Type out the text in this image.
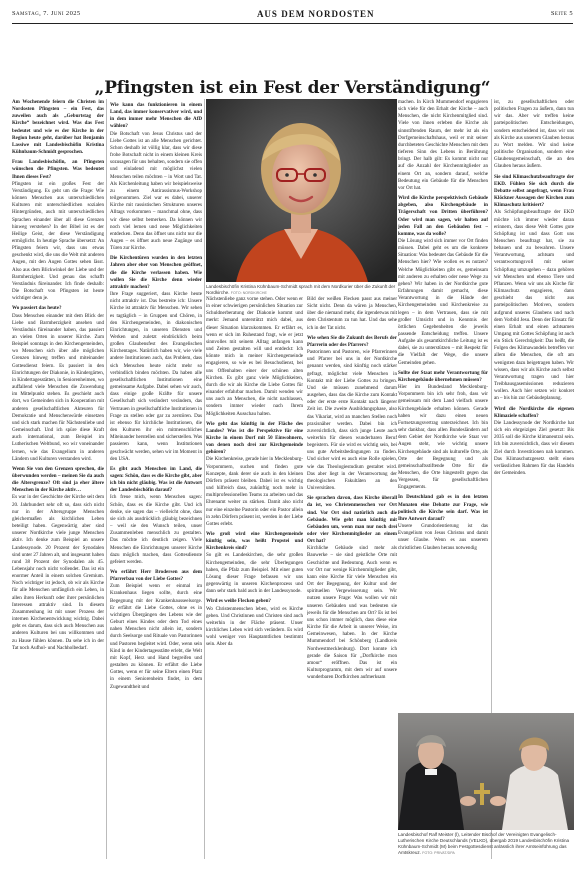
Samstag, 7. Juni 2025	AUS DEM NORDOSTEN	Seite 5
„Pfingsten ist ein Fest der Verständigung“

Am Wochenende feiern die Christen im Nordosten Pfingsten – ein Fest, das zuweilen auch als „Geburtstag der Kirche“ bezeichnet wird. Was das Fest bedeutet und wie es der Kirche in der Region heute geht, darüber hat Benjamin Lassiwe mit Landesbischöfin Kristina Kühnbaum-Schmidt gesprochen.

Frau Landesbischöfin, an Pfingsten wünschen die Pfingsten. Was bedeutet Ihnen dieses Fest?

Pfingsten ist ein großes Fest der Verständigung. Es geht um die Frage: Wie können Menschen aus unterschiedlichen Kulturen mit unterschiedlichen sozialen Hintergründen, auch mit unterschiedlichen Sprachen einander über all diese Grenzen hinweg verstehen? In der Bibel ist es der Heilige Geist, der diese Verständigung ermöglicht. In heutige Sprache übersetzt: An Pfingsten feiern wir, dass uns etwas geschenkt wird, die uns die Welt mit anderen Augen, mit den Augen Gottes sehen lässt. Also aus dem Blickwinkel der Liebe und der Barmherzigkeit. Und genau das schafft Verständnis füreinander. Ich finde deshalb: Die Botschaft von Pfingsten ist heute wichtiger denn je.

Wo passiert das heute?

Dass Menschen einander mit dem Blick der Liebe und Barmherzigkeit ansehen und Verständnis füreinander haben, das passiert an vielen Orten in unserer Kirche. Zum Beispiel sonntags in den Kirchengemeinden, wo Menschen sich über alle möglichen Grenzen hinweg treffen und miteinander Gottesdienst feiern. Es passiert in den Einrichtungen der Diakonie, in Kindergärten, in Kindertagesstätten, in Seniorenheimen, wo auffallend viele Menschen die Zuwendung im Mittelpunkt stehen. Es geschieht auch dort, wo Gemeinden sich in Kooperation mit anderen gesellschaftlichen Akteuren für Demokratie und Menschenwürde einsetzen und sich stark machen für Nächstenliebe und Gemeinschaft. Und ich spüre diese Kraft auch international, zum Beispiel im Lutherischen Weltbund, wo wir voneinander lernen, wie das Evangelium in anderen Ländern und Kulturen verstanden wird.

Wenn Sie von den Grenzen sprechen, die überwunden werden – meinen Sie da auch die Altersgrenze? Oft sind ja eher ältere Menschen in der Kirche aktiv…

Es war in der Geschichte der Kirche seit dem 20. Jahrhundert sehr oft so, dass sich nicht nur in der Altersgruppe Menschen gleichermaßen als kirchlichen Leben beteiligt haben. Gegenwärtig aber sind unserer Nordkirche viele junge Menschen aktiv. Ich denke zum Beispiel an unsere Landessynode. 20 Prozent der Synodalen sind unter 27 Jahren alt, und insgesamt haben rund 38 Prozent der Synodalen als 45. Lebensjahr noch nicht vollendet. Das ist ein enormer Anteil in einem solchen Gremium. Noch wichtiger ist jedoch, ob wir als Kirche für alle Menschen umfänglich ein Leben, in allen ihren Herkunft oder ihrer persönlichen Interessen attraktiv sind. In diesem Zusammenhang ist mit unser Prozess der internen Kirchenentwicklung wichtig. Dabei geht es darum, dass sich auch Menschen aus anderen Kulturen bei uns willkommen und zu Hause fühlen können. Da sehe ich in der Tat noch Aufhol- und Nachholbedarf.

Wie kann das funktionieren in einem Land, das immer konservativer wird, und in dem immer mehr Menschen die AfD wählen?

Die Botschaft von Jesus Christus und der Liebe Gottes ist an alle Menschen gerichtet. Schon deshalb ist völlig klar, dass wir diese frohe Botschaft nicht in einem kleinen Kreis sozusagen für uns behalten, sondern sie offen und einladend mit möglichst vielen Menschen teilen möchten – in Wort und Tat. Als Kirchenleitung haben wir beispielsweise zu einem Antirassismus-Workshop teilgenommen. Ziel war es dabei, unserer Kirche mit rassistischen Strukturen unseres Alltags vorkommen – manchmal ohne, dass wir diese selbst bemerken. Da können wir noch viel lernen und neue Möglichkeiten entdecken. Denn das öffnet uns nicht nur die Augen – es öffnet auch neue Zugänge und Türen zur Kirche.

Die Kirchentüren wurden in den letzten Jahren aber eher von Menschen geöffnet, die die Kirche verlassen haben. Wie wollen Sie die Kirche denn wieder attraktiv machen?

Ihre Frage suggeriert, dass Kirche heute nicht attraktiv ist. Das bestreite ich: Unsere Kirche ist attraktiv für Menschen. Wir sehen es tagtäglich – in Gruppen und Chören, in den Kirchengemeinden, in diakonischen Einrichtungen, in unseren Diensten und Werken und zuletzt eindrücklich beim großen Glaubensfest des Evangelischen Kirchentages. Natürlich haben wir, wie viele andere Institutionen auch, das Problem, dass sich Menschen heute nicht mehr so verbindlich binden möchten. Da haben alle gesellschaftlichen Institutionen eine gemeinsame Aufgabe. Dabei sehen wir auch, dass einige große Kräfte für unsere Gesellschaft sich verändert verändern, das Vertrauen in gesellschaftliche Institutionen in Frage zu stellen oder gar zu zerstören. Das ist ebenso für kirchliche Institutionen, die den Kulturen ihr ein mitmenschliches Miteinander herstellen und sicherstellen. Was passieren kann, wenn Institutionen geschwächt werden, sehen wir im Moment in den USA.

Es gibt auch Menschen im Land, die sagen: Schön, dass es die Kirche gibt, aber ich bin nicht gläubig. Was ist die Antwort der Landesbischöfin darauf?

Ich freue mich, wenn Menschen sagen: Schön, dass es die Kirche gibt. Und ich denke, sie sagen das – vielleicht ohne, dass sie sich als ausdrücklich gläubig bezeichnen – weil sie den Wunsch teilen, unser Zusammenleben menschlich zu gestalten. Das möchte ich deutlich zeigen. Viele Menschen die Einrichtungen unserer Kirche dazu möglich machen, dass Gottesdienste gefeiert werden.

Wo erfährt Herr Brodersen aus dem Pfarrerbau von der Liebe Gottes?

Zum Beispiel wenn er einmal im Krankenhaus liegen sollte, durch eine Begegnung mit der Krankenhausseelsorge. Er erfährt die Liebe Gottes, ohne es in wichtigen Übergängen des Lebens wie der Geburt eines Kindes oder dem Tod eines nahen Menschen nicht allein ist, sondern durch Seelsorge und Rituale von Pastorinnen und Pastoren begleitet wird. Oder, wenn sein Kind in der Kindertagesstätte erlebt, die Welt mit Kopf, Herz und Hand begreifen und gestalten zu können. Er erfährt die Liebe Gottes, wenn er für seine Eltern einen Platz in einem Seniorenheim findet, in dem Zugewandtheit und

Nächstenliebe ganz vorne stehen. Oder wenn er in einer schwierigen persönlichen Situation zur Schuldnerberatung der Diakonie kommt und merkt: Jemand unterstützt mich dabei, aus dieser Situation klarzukommen. Er erfährt es, wenn er sich im Ruhestand fragt, wie er jetzt sinnvolles mit seinem Alltag anfangen kann und Zeiten gestalten will und entdeckt: Ich könnte mich in meiner Kirchengemeinde engagieren, so wie es bei Besuchsdienst, bei uns Offenhalten einer der schönen alten Kirchen. Es gibt ganz viele Möglichkeiten, durch die wir als Kirche die Liebe Gottes für einander erfahrbar machen. Damit wenden wir uns auch an Menschen, die nicht nachlassen, sondern immer wieder nach Ihrem Möglichkeiten Ausschau halten.

Wie geht das künftig in der Fläche des Landes? Was ist die Perspektive für eine Kirche in einem Dorf mit 50 Einwohnern, von denen noch drei zur Kirchgemeinde gehören?

Die Kirchenkreise, gerade hier in Mecklenburg-Vorpommern, suchen und finden gute Konzepte, dank derer sie auch in den kleinen Dörfern präsent bleiben. Dabei ist es wichtig und hilfreich dass, zukünftig noch mehr in multiprofessionellen Teams zu arbeiten und das Ehrenamt weiter zu stärken. Damit also nicht nur eine einzelne Pastorin oder ein Pastor allein in zehn Dörfern präsent ist, werden in der Liebe Gottes erlebt.

Wie groß wird eine Kirchengemeinde künftig sein, was heißt Propstei und Kirchenkreis sind?

So gilt es Landeskirchen, die sehr großen Kirchengemeinden, die sehr Überlegungen haben, die Pfalz zum Beispiel. Mit einer guten Lösung dieser Frage befassen wir uns gegenwärtig in unseren Kirchenprozess und dann sehr stark bald auch in der Landessynode.

Wird es weiße Flecken geben?

Wo Christenmenschen leben, wird es Kirche geben. Und Christinnen und Christen sind auch weiterhin in der Fläche präsent. Unser kirchliches Leben wird sich verändern. Es wird wohl weniger von Hauptamtlichen bestimmt sein. Aber da

Bild der weißen Flecken passt aus meiner Sicht nicht. Denn da wären ja Menschen, über die niemand mehr, die irgendetwas mit dem Christentum zu tun hat. Und das sehe ich in der Tat nicht.

Wie sehen Sie die Zukunft des Berufs der Pfarrerin oder des Pfarrers?

Pastorinnen und Pastoren, wie Pfarrerinnen und Pfarrer bei uns in der Nordkirche genannt werden, sind künftig noch stärker gefragt, möglichst viele Menschen in Kontakt mit der Liebe Gottes zu bringen. Und sie müssen zunehmend darum ausgehen, dass das die Kirche zum Kontakt oder der erste erste Kontakt nach längerer Zeit ist. Die zweite Ausbildungsphase, also das Vikariat, wird an manchen Stellen noch praxisnäher werden. Dabei bin ich zuversichtlich, dass sich junge Leute auch weiterhin für diesen wunderbaren Beruf begeistern. Für sie wird es wichtig sein, bei uns gute Arbeitsbedingungen zu finden. Und sicher wird es auch eine Rolle spielen, wie das Theologiestudium gestaltet wird. Das aber liegt in der Verantwortung der theologischen Fakultäten an den Universitäten.

Sie sprachen davon, dass Kirche überall da ist, wo Christenmenschen vor Ort sind. Vor Ort sind natürlich auch die Gebäude. Wie geht man künftig mit Gebäuden um, wenn man nur noch drei oder vier Kirchenmitglieder an einem Ort hat?

Kirchliche Gebäude sind mehr als Bauwerke – sie sind geistliche Orte mit Geschichte und Bedeutung. Auch wenn es vor Ort nur wenige Kirchenmitglieder gibt, kann eine Kirche für viele Menschen ein Ort der Begegnung, der Kultur und der spirituellen Vergewisserung sein. Wir nutzen unsere Frage: Was wollen wir mit unseren Gebäuden und was bedeuten sie jeweils für die Menschen am Ort? Es ist bei uns schon immer möglich, dass diese eine Kirche für die Arbeit in unserer Weise, im Gemeinwesen, haben. In der Kirche Mummendorf bei Schönberg (Landkreis Nordwestmecklenburg). Dort konnte ich gerade die Saison für „Dorfkirche mon amour“ eröffnen. Das ist ein Kulturprogramm, mit dem wir auf unsere wunderbaren Dorfkirchen aufmerksam

machen. In Kirch Mummendorf engagieren sich viele für den Erhalt der Kirche – auch Menschen, die nicht Kirchenmitglied sind. Viele von ihnen erleben die Kirche als sinnstiftenden Raum, der mehr ist als ein Dorfgemeinschaftshaus, weil er mit seiner durchbeteten Geschichte Menschen mit dem tieferen Sinn des Lebens in Berührung bringt. Der halb gilt: Es kommt nicht nur auf die Anzahl der Kirchenmitglieder an einem Ort an, sondern darauf, welche Bedeutung ein Gebäude für die Menschen vor Ort hat.

Wird die Kirche perspektivisch Gebäude abgeben, also Kirchengebäude in Trägerschaft von Dritten überführen? Oder wird man sagen, wir halten auf jeden Fall an den Gebäuden fest – komme, was da wolle?

Die Lösung wird sich immer vor Ort finden müssen. Dabei geht es um die konkrete Situation: Was bedeutet das Gebäude für die Menschen hier? Wie wollen es es nutzen? Welche Möglichkeiten gibt es, gemeinsam mit anderen zu erhalten oder neue Wege zu gehen? Wir haben in der Nordkirche gute Erfahrungen damit gemacht, diese Verantwortung in die Hände der Kirchengemeinden und Kirchenkreise zu legen – in dem Vertrauen, dass sie mit großer Umsicht und in Kenntnis der örtlichen Gegebenheiten die jeweils passende Entscheidung treffen. Unsere Aufgabe als gesamtkirchliche Leitung ist es dabei, sie zu unterstützen – mit Respekt für die Vielfalt der Wege, die unsere Gemeinden gehen.

Sollte der Staat mehr Verantwortung für Kirchengebäude übernehmen müssen?

Hier im Bundesland Mecklenburg-Vorpommern bin ich sehr froh, dass wir gemeinsam mit dem Land vielfach unsere Kirchengebäude erhalten können. Gerade haben wir dazu einen neuen Fortsetzungsvertrag unterzeichnet. Ich bin sehr dankbar, dass allen Bundesländern auf dem Gebiet der Nordkirche wie Staat vor Augen steht, wie wichtig unsere Kirchengebäude sind als kulturelle Orte, als Orte der Begegnung und als gemeinschaftsstiftende Orte für die Menschen, die Orte hingestellt gegen das Vergessen, für gesellschaftlichen Engagements.

In Deutschland gab es in den letzten Monaten eine Debatte zur Frage, wie politisch die Kirche sein darf. Was ist Ihre Antwort darauf?

Unsere Grundorientierung ist das Evangelium von Jesus Christus und damit unser Glaube. Wenn es aus unserem christlichen Glauben heraus notwendig

ist, zu gesellschaftlichen oder politischen Fragen zu äußern, dann tun wir das. Aber wir treffen keine parteipolitischen Entscheidungen, sondern entscheidend ist, dass wir uns als Kirche aus unserem Glauben heraus zu Wort melden. Wir sind keine politische Organisation, sondern eine Glaubensgemeinschaft, die an den Glauben heraus äußern.

Sie sind Klimaschutzbeauftragte der EKD. Fühlen Sie sich durch die Debatte selbst angefragt, wenn Frau Klöckner Aussagen der Kirchen zum Klimaschutz kritisiert?

Als Schöpfungsbeauftragte der EKD möchte ich immer wieder daran erinnern, dass diese Welt Gottes gute Schöpfung ist und dass Gott uns Menschen beauftragt hat, sie zu bebauen und zu bewahren. Unsere Verantwortung, achtsam und verantwortungsvoll mit seiner Schöpfung umzugehen – dazu gehören wir Menschen und ebenso Tiere und Pflanzen. Wenn wir uns als Kirche für Klimaschutz engagieren, dann geschieht das nicht aus parteipolitischen Motiven, sondern aufgrund unseres Glaubens und nach dem Vorbild Jesu. Denn der Einsatz für einen Erhalt und einen achtsamen Umgang mit Gottes Schöpfung ist auch ein Stück Gerechtigkeit: Das heißt, die Folgen des Klimawandels betreffen vor allem die Menschen, die oft am wenigsten dazu beigetragen haben. Wir wissen, dass wir als Kirche auch selbst Verantwortung tragen und hier Treibhausgasemissionen reduzieren wollen. Auch hier setzen wir konkret an – bis hin zur Gebäudeplanung.

Wird die Nordkirche die eigenen Klimaziele schaffen?

Die Landessynode der Nordkirche hat sich ein ehrgeiziges Ziel gesetzt: Bis 2035 soll die Kirche klimaneutral sein. Ich bin zuversichtlich, dass wir diesem Ziel durch Investitionen nah kommen. Das Klimaschutzgesetz stellt einen verlässlichen Rahmen für das Handeln der Gemeinden.

Landesbischöfin Kristina Kühnbaum-Schmidt sprach mit dem Nordkurier über die Zukunft der Nordkirche. FOTO: NORDKIRCHE
Landesbischof Ralf Meister (l), Leitender Bischof der Vereinigten Evangelisch-Lutherischen Kirche Deutschlands (VELKD), übergab 2019 Landesbischöfin Kristina Kühnbaum-Schmidt (M) beim Festgottesdienst anlässlich ihrer Amtseinführung das Amtskreuz. FOTO: PRIVAT/DPA
